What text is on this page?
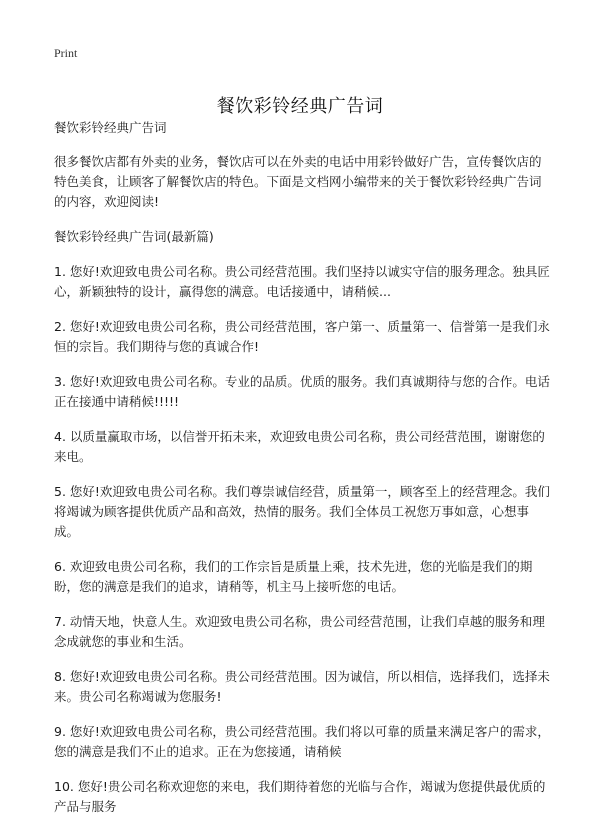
Print
餐饮彩铃经典广告词

餐饮彩铃经典广告词

很多餐饮店都有外卖的业务，餐饮店可以在外卖的电话中用彩铃做好广告，宣传餐饮店的特色美食，让顾客了解餐饮店的特色。下面是文档网小编带来的关于餐饮彩铃经典广告词的内容，欢迎阅读!

餐饮彩铃经典广告词(最新篇)

1. 您好!欢迎致电贵公司名称。贵公司经营范围。我们坚持以诚实守信的服务理念。独具匠心，新颖独特的设计，赢得您的满意。电话接通中，请稍候...

2. 您好!欢迎致电贵公司名称，贵公司经营范围，客户第一、质量第一、信誉第一是我们永恒的宗旨。我们期待与您的真诚合作!

3. 您好!欢迎致电贵公司名称。专业的品质。优质的服务。我们真诚期待与您的合作。电话正在接通中请稍候!!!!!

4. 以质量赢取市场，以信誉开拓未来，欢迎致电贵公司名称，贵公司经营范围，谢谢您的来电。

5. 您好!欢迎致电贵公司名称。我们尊崇诚信经营，质量第一，顾客至上的经营理念。我们将竭诚为顾客提供优质产品和高效，热情的服务。我们全体员工祝您万事如意，心想事成。

6. 欢迎致电贵公司名称，我们的工作宗旨是质量上乘，技术先进，您的光临是我们的期盼，您的满意是我们的追求，请稍等，机主马上接听您的电话。

7. 动情天地，快意人生。欢迎致电贵公司名称，贵公司经营范围，让我们卓越的服务和理念成就您的事业和生活。

8. 您好!欢迎致电贵公司名称。贵公司经营范围。因为诚信，所以相信，选择我们，选择未来。贵公司名称竭诚为您服务!

9. 您好!欢迎致电贵公司名称，贵公司经营范围。我们将以可靠的质量来满足客户的需求，您的满意是我们不止的追求。正在为您接通，请稍候

10. 您好!贵公司名称欢迎您的来电，我们期待着您的光临与合作，竭诚为您提供最优质的产品与服务
